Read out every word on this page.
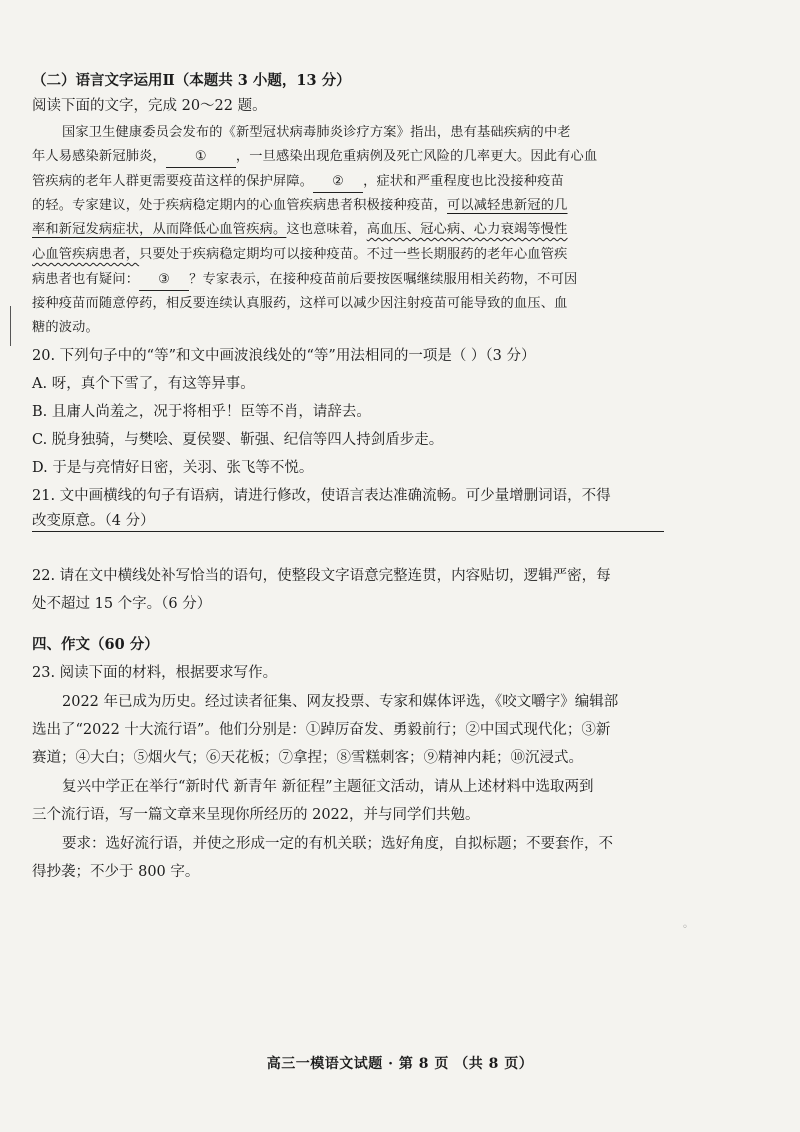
（二）语言文字运用Ⅱ（本题共 3 小题，13 分）
阅读下面的文字，完成 20～22 题。
国家卫生健康委员会发布的《新型冠状病毒肺炎诊疗方案》指出，患有基础疾病的中老
年人易感染新冠肺炎， ① ，一旦感染出现危重病例及死亡风险的几率更大。因此有心血
管疾病的老年人群更需要疫苗这样的保护屏障。 ② ，症状和严重程度也比没接种疫苗
的轻。专家建议，处于疾病稳定期内的心血管疾病患者积极接种疫苗，可以减轻患新冠的几
率和新冠发病症状，从而降低心血管疾病。这也意味着，高血压、冠心病、心力衰竭等慢性
心血管疾病患者，只要处于疾病稳定期均可以接种疫苗。不过一些长期服药的老年心血管疾
病患者也有疑问： ③ ？专家表示，在接种疫苗前后要按医嘱继续服用相关药物，不可因
接种疫苗而随意停药，相反要连续认真服药，这样可以减少因注射疫苗可能导致的血压、血
糖的波动。
20. 下列句子中的“等”和文中画波浪线处的“等”用法相同的一项是（ ）（3 分）
A. 呀，真个下雪了，有这等异事。
B. 且庸人尚羞之，况于将相乎！臣等不肖，请辞去。
C. 脱身独骑，与樊哙、夏侯婴、靳强、纪信等四人持剑盾步走。
D. 于是与亮情好日密，关羽、张飞等不悦。
21. 文中画横线的句子有语病，请进行修改，使语言表达准确流畅。可少量增删词语，不得
改变原意。（4 分）
22. 请在文中横线处补写恰当的语句，使整段文字语意完整连贯，内容贴切，逻辑严密，每
处不超过 15 个字。（6 分）
四、作文（60 分）
23. 阅读下面的材料，根据要求写作。
2022 年已成为历史。经过读者征集、网友投票、专家和媒体评选，《咬文嚼字》编辑部
选出了“2022 十大流行语”。他们分别是：①踔厉奋发、勇毅前行；②中国式现代化；③新
赛道；④大白；⑤烟火气；⑥天花板；⑦拿捏；⑧雪糕刺客；⑨精神内耗；⑩沉浸式。
复兴中学正在举行“新时代 新青年 新征程”主题征文活动，请从上述材料中选取两到
三个流行语，写一篇文章来呈现你所经历的 2022，并与同学们共勉。
要求：选好流行语，并使之形成一定的有机关联；选好角度，自拟标题；不要套作，不
得抄袭；不少于 800 字。
◦
高三一模语文试题 · 第 8 页 （共 8 页）
